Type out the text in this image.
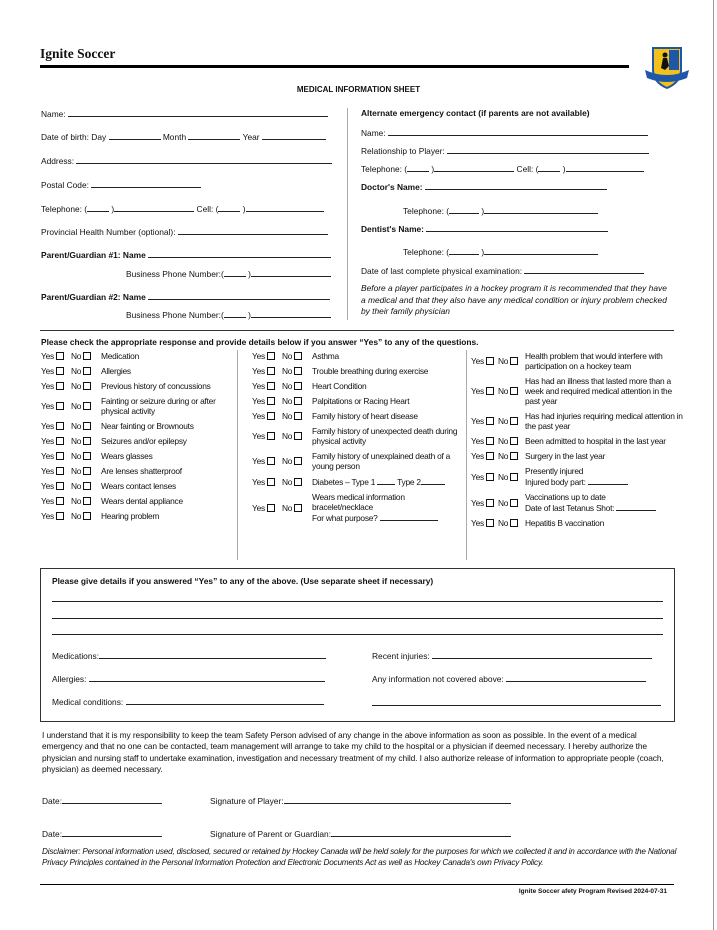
Ignite Soccer
MEDICAL INFORMATION SHEET
Name:
Date of birth: Day	Month	Year
Address:
Postal Code:
Telephone: (	)	Cell: (	)
Provincial Health Number (optional):
Parent/Guardian #1: Name
Business Phone Number:(	)
Parent/Guardian #2: Name
Business Phone Number:(	)
Alternate emergency contact (if parents are not available)
Name:
Relationship to Player:
Telephone: (	)	Cell: (	)
Doctor's Name:
Telephone: (	)
Dentist's Name:
Telephone: (	)
Date of last complete physical examination:
Before a player participates in a hockey program it is recommended that they have a medical and that they also have any medical condition or injury problem checked by their family physician
Please check the appropriate response and provide details below if you answer “Yes” to any of the questions.
Yes No Medication
Yes No Allergies
Yes No Previous history of concussions
Yes No Fainting or seizure during or after physical activity
Yes No Near fainting or Brownouts
Yes No Seizures and/or epilepsy
Yes No Wears glasses
Yes No Are lenses shatterproof
Yes No Wears contact lenses
Yes No Wears dental appliance
Yes No Hearing problem
Yes No Asthma
Yes No Trouble breathing during exercise
Yes No Heart Condition
Yes No Palpitations or Racing Heart
Yes No Family history of heart disease
Yes No Family history of unexpected death during physical activity
Yes No Family history of unexplained death of a young person
Yes No Diabetes – Type 1	Type 2
Yes No
Wears medical information bracelet/necklace
For what purpose?
Yes No Health problem that would interfere with participation on a hockey team
Yes No
Has had an illness that lasted more than a week and required medical attention in the past year
Yes No Has had injuries requiring medical attention in the past year
Yes No Been admitted to hospital in the last year
Yes No Surgery in the last year
Yes No
Presently injured
Injured body part:
Yes No
Vaccinations up to date
Date of last Tetanus Shot:
Yes No Hepatitis B vaccination
Please give details if you answered “Yes” to any of the above. (Use separate sheet if necessary)
Medications:	Recent injuries:
Allergies:	Any information not covered above:
Medical conditions:
I understand that it is my responsibility to keep the team Safety Person advised of any change in the above information as soon as possible. In the event of a medical emergency and that no one can be contacted, team management will arrange to take my child to the hospital or a physician if deemed necessary. I hereby authorize the physician and nursing staff to undertake examination, investigation and necessary treatment of my child. I also authorize release of information to appropriate people (coach, physician) as deemed necessary.
Date:	Signature of Player:
Date:	Signature of Parent or Guardian:
Disclaimer: Personal information used, disclosed, secured or retained by Hockey Canada will be held solely for the purposes for which we collected it and in accordance with the National Privacy Principles contained in the Personal Information Protection and Electronic Documents Act as well as Hockey Canada's own Privacy Policy.
Ignite Soccer afety Program Revised 2024-07-31
